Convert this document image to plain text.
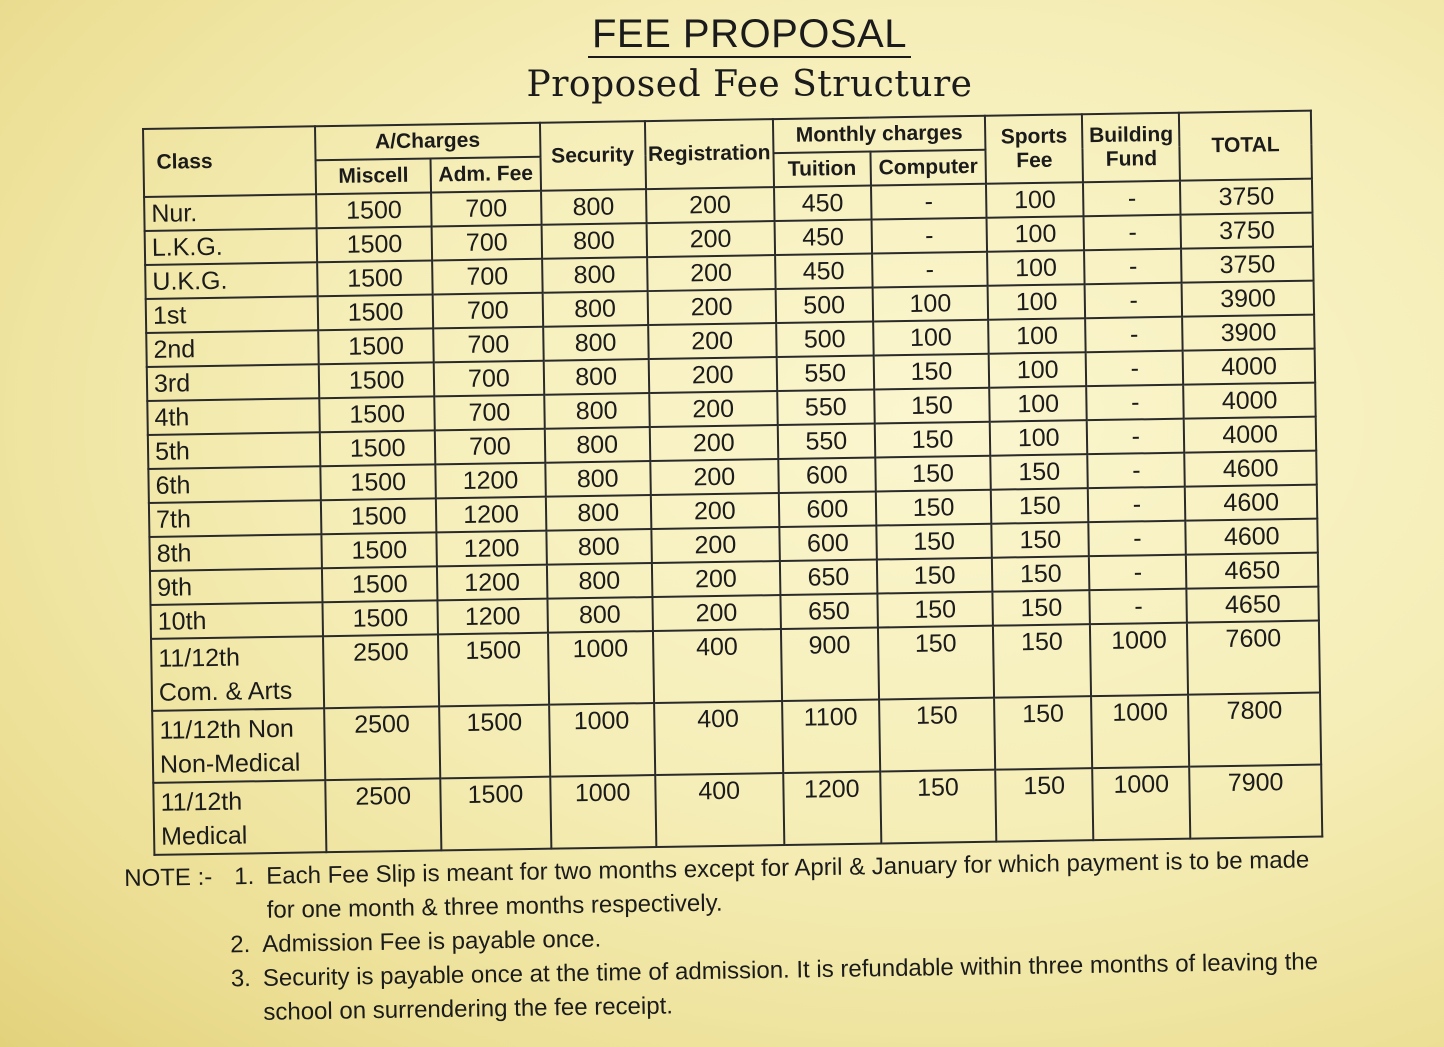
FEE PROPOSAL
Proposed Fee Structure
Class	A/Charges		Security	Registration	Monthly charges		Sports Fee	Building Fund	TOTAL
	Miscell	Adm. Fee			Tuition	Computer			
Nur.	1500	700	800	200	450	-	100	-	3750
L.K.G.	1500	700	800	200	450	-	100	-	3750
U.K.G.	1500	700	800	200	450	-	100	-	3750
1st	1500	700	800	200	500	100	100	-	3900
2nd	1500	700	800	200	500	100	100	-	3900
3rd	1500	700	800	200	550	150	100	-	4000
4th	1500	700	800	200	550	150	100	-	4000
5th	1500	700	800	200	550	150	100	-	4000
6th	1500	1200	800	200	600	150	150	-	4600
7th	1500	1200	800	200	600	150	150	-	4600
8th	1500	1200	800	200	600	150	150	-	4600
9th	1500	1200	800	200	650	150	150	-	4650
10th	1500	1200	800	200	650	150	150	-	4650
11/12th
Com. & Arts	2500	1500	1000	400	900	150	150	1000	7600
11/12th Non
Non-Medical	2500	1500	1000	400	1100	150	150	1000	7800
11/12th
Medical	2500	1500	1000	400	1200	150	150	1000	7900
NOTE :- 1. Each Fee Slip is meant for two months except for April & January for which payment is to be made for one month & three months respectively.
2. Admission Fee is payable once.
3. Security is payable once at the time of admission. It is refundable within three months of leaving the school on surrendering the fee receipt.
